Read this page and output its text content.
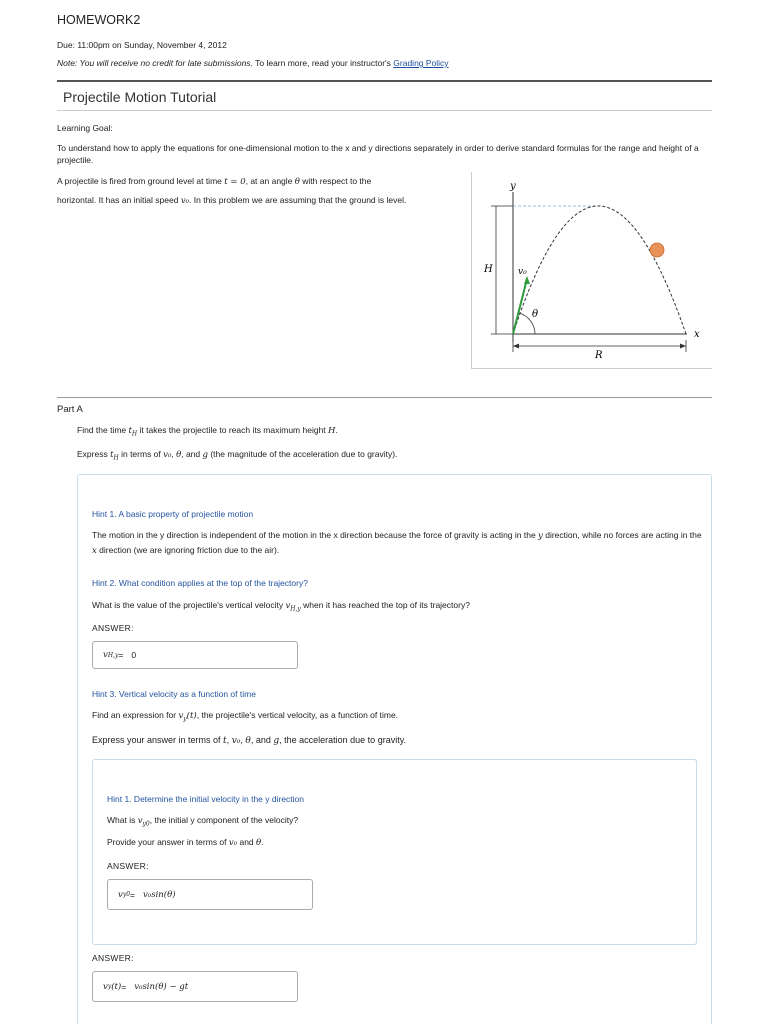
HOMEWORK2
Due: 11:00pm on Sunday, November 4, 2012
Note: You will receive no credit for late submissions. To learn more, read your instructor's Grading Policy
Projectile Motion Tutorial
Learning Goal:
To understand how to apply the equations for one-dimensional motion to the x and y directions separately in order to derive standard formulas for the range and height of a projectile.
A projectile is fired from ground level at time t = 0, at an angle θ with respect to the
horizontal. It has an initial speed v₀. In this problem we are assuming that the ground is level.
y
x
H	v₀
θ
R
Part A
Find the time $t_H$ it takes the projectile to reach its maximum height H.
Express $t_H$ in terms of v₀, θ, and g (the magnitude of the acceleration due to gravity).
Hint 1. A basic property of projectile motion
The motion in the y direction is independent of the motion in the x direction because the force of gravity is acting in the y direction, while no forces are acting in the x direction (we are ignoring friction due to the air).
Hint 2. What condition applies at the top of the trajectory?
What is the value of the projectile's vertical velocity $v_{H,y}$ when it has reached the top of its trajectory?
ANSWER:
v H,y = 0
Hint 3. Vertical velocity as a function of time
Find an expression for $v_y(t)$, the projectile's vertical velocity, as a function of time.
Express your answer in terms of t, v₀, θ, and g, the acceleration due to gravity.
Hint 1. Determine the initial velocity in the y direction
What is $v_{y0}$, the initial y component of the velocity?
Provide your answer in terms of v₀ and θ.
ANSWER:
v y0 = v₀sin(θ)
ANSWER:
v y (t) = v₀sin(θ) − gt
